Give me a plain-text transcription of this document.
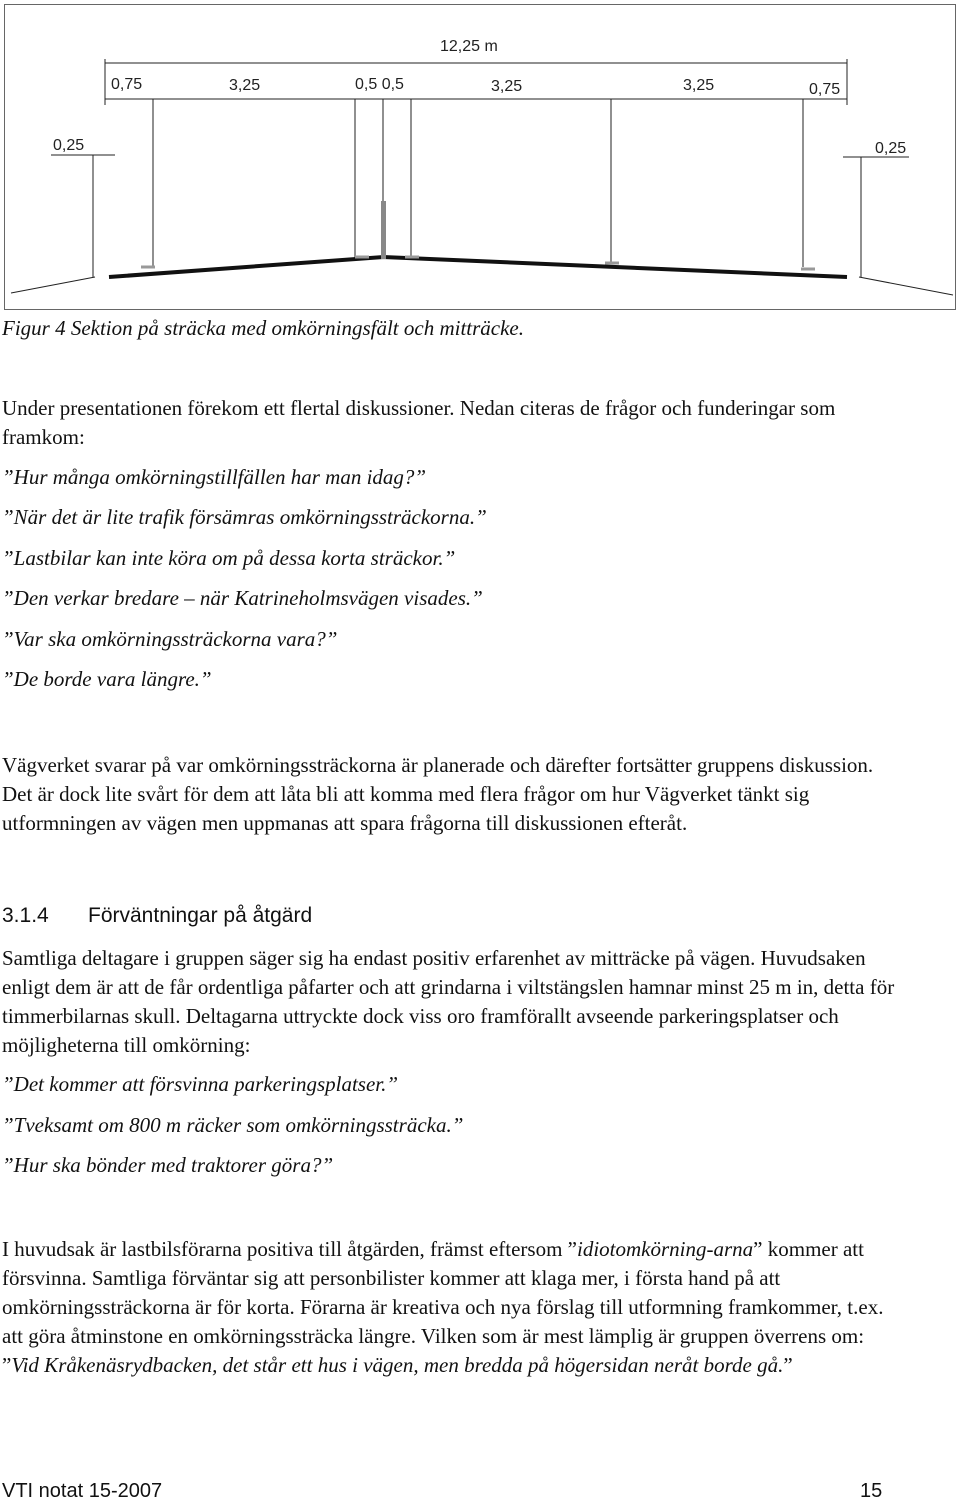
12,25 m
0,75	3,25	0,5 0,5	3,25	3,25	0,75
0,25	0,25
Figur 4 Sektion på sträcka med omkörningsfält och mitträcke.

Under presentationen förekom ett flertal diskussioner. Nedan citeras de frågor och funderingar som framkom:

”Hur många omkörningstillfällen har man idag?”
”När det är lite trafik försämras omkörningssträckorna.”
”Lastbilar kan inte köra om på dessa korta sträckor.”
”Den verkar bredare – när Katrineholmsvägen visades.”
”Var ska omkörningssträckorna vara?”
”De borde vara längre.”

Vägverket svarar på var omkörningssträckorna är planerade och därefter fortsätter gruppens diskussion. Det är dock lite svårt för dem att låta bli att komma med flera frågor om hur Vägverket tänkt sig utformningen av vägen men uppmanas att spara frågorna till diskussionen efteråt.

3.1.4 Förväntningar på åtgärd

Samtliga deltagare i gruppen säger sig ha endast positiv erfarenhet av mitträcke på vägen. Huvudsaken enligt dem är att de får ordentliga påfarter och att grindarna i viltstängslen hamnar minst 25 m in, detta för timmerbilarnas skull. Deltagarna uttryckte dock viss oro framförallt avseende parkeringsplatser och möjligheterna till omkörning:

”Det kommer att försvinna parkeringsplatser.”
”Tveksamt om 800 m räcker som omkörningssträcka.”
”Hur ska bönder med traktorer göra?”

I huvudsak är lastbilsförarna positiva till åtgärden, främst eftersom ”idiotomkörning-arna” kommer att försvinna. Samtliga förväntar sig att personbilister kommer att klaga mer, i första hand på att omkörningssträckorna är för korta. Förarna är kreativa och nya förslag till utformning framkommer, t.ex. att göra åtminstone en omkörningssträcka längre. Vilken som är mest lämplig är gruppen överrens om: ”Vid Kråkenäsrydbacken, det står ett hus i vägen, men bredda på högersidan neråt borde gå.”

VTI notat 15-2007	15
